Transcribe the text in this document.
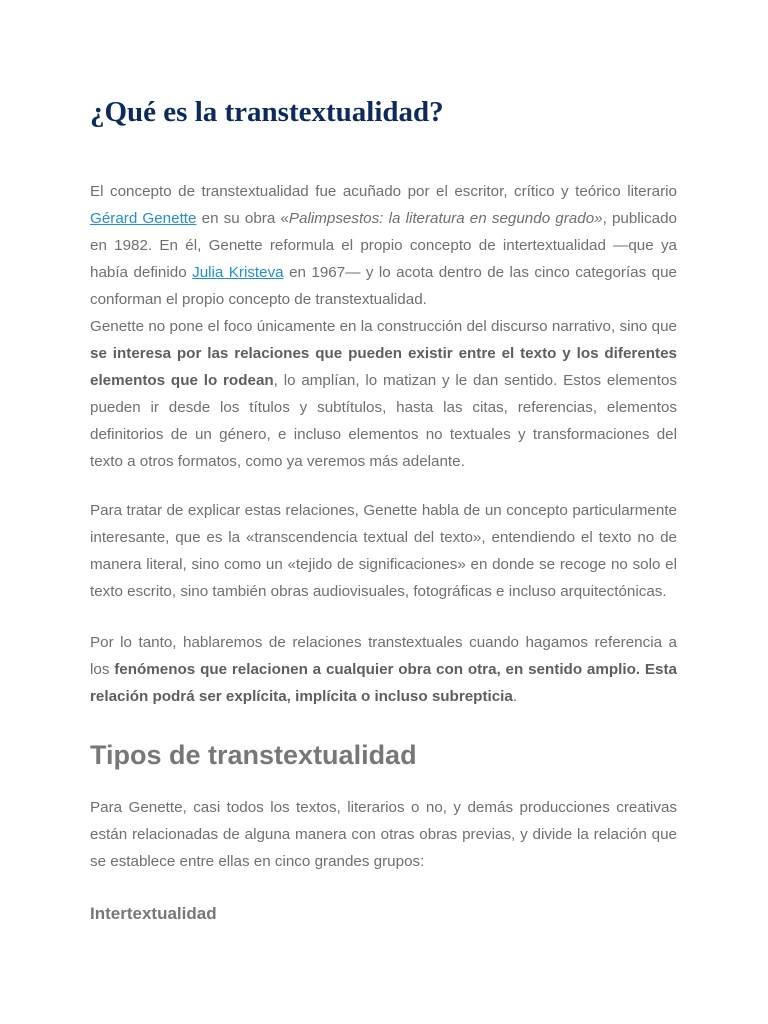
¿Qué es la transtextualidad?

El concepto de transtextualidad fue acuñado por el escritor, crítico y teórico literario Gérard Genette en su obra «Palimpsestos: la literatura en segundo grado», publicado en 1982. En él, Genette reformula el propio concepto de intertextualidad —que ya había definido Julia Kristeva en 1967— y lo acota dentro de las cinco categorías que conforman el propio concepto de transtextualidad.
Genette no pone el foco únicamente en la construcción del discurso narrativo, sino que se interesa por las relaciones que pueden existir entre el texto y los diferentes elementos que lo rodean, lo amplían, lo matizan y le dan sentido. Estos elementos pueden ir desde los títulos y subtítulos, hasta las citas, referencias, elementos definitorios de un género, e incluso elementos no textuales y transformaciones del texto a otros formatos, como ya veremos más adelante.

Para tratar de explicar estas relaciones, Genette habla de un concepto particularmente interesante, que es la «transcendencia textual del texto», entendiendo el texto no de manera literal, sino como un «tejido de significaciones» en donde se recoge no solo el texto escrito, sino también obras audiovisuales, fotográficas e incluso arquitectónicas.

Por lo tanto, hablaremos de relaciones transtextuales cuando hagamos referencia a los fenómenos que relacionen a cualquier obra con otra, en sentido amplio. Esta relación podrá ser explícita, implícita o incluso subrepticia.

Tipos de transtextualidad

Para Genette, casi todos los textos, literarios o no, y demás producciones creativas están relacionadas de alguna manera con otras obras previas, y divide la relación que se establece entre ellas en cinco grandes grupos:

Intertextualidad
